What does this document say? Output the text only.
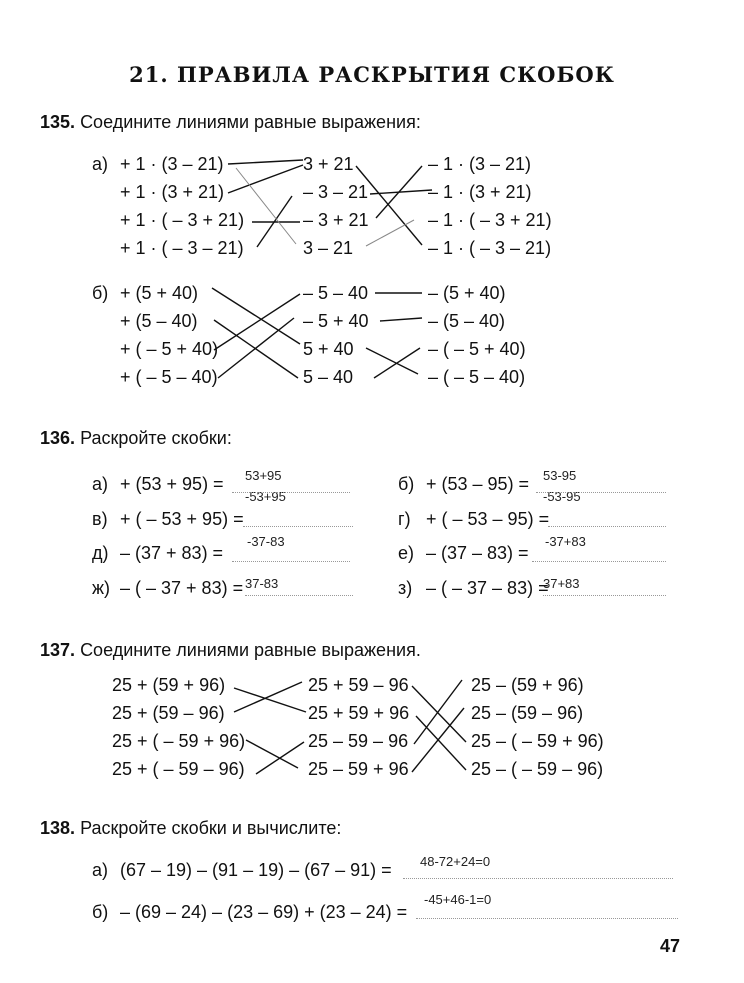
21. ПРАВИЛА РАСКРЫТИЯ СКОБОК
135. Соедините линиями равные выражения:
а) + 1 · (3 – 21)
+ 1 · (3 + 21)
+ 1 · ( – 3 + 21)
+ 1 · ( – 3 – 21)
3 + 21
– 3 – 21
– 3 + 21
3 – 21
– 1 · (3 – 21)
– 1 · (3 + 21)
– 1 · ( – 3 + 21)
– 1 · ( – 3 – 21)
б) + (5 + 40)
+ (5 – 40)
+ ( – 5 + 40)
+ ( – 5 – 40)
– 5 – 40
– 5 + 40
5 + 40
5 – 40
– (5 + 40)
– (5 – 40)
– ( – 5 + 40)
– ( – 5 – 40)
136. Раскройте скобки:
а) + (53 + 95) = 53+95
-53+95
б) + (53 – 95) = 53-95
-53-95
в) + ( – 53 + 95) =	г) + ( – 53 – 95) =
д) – (37 + 83) =
-37-83
е) – (37 – 83) =
-37+83
ж) – ( – 37 + 83) = 37-83	з) – ( – 37 – 83) =
37+83
137. Соедините линиями равные выражения.
25 + (59 + 96)
25 + (59 – 96)
25 + ( – 59 + 96)
25 + ( – 59 – 96)
25 + 59 – 96
25 + 59 + 96
25 – 59 – 96
25 – 59 + 96
25 – (59 + 96)
25 – (59 – 96)
25 – ( – 59 + 96)
25 – ( – 59 – 96)
138. Раскройте скобки и вычислите:
а) (67 – 19) – (91 – 19) – (67 – 91) = 48-72+24=0
б) – (69 – 24) – (23 – 69) + (23 – 24) =
-45+46-1=0
47
